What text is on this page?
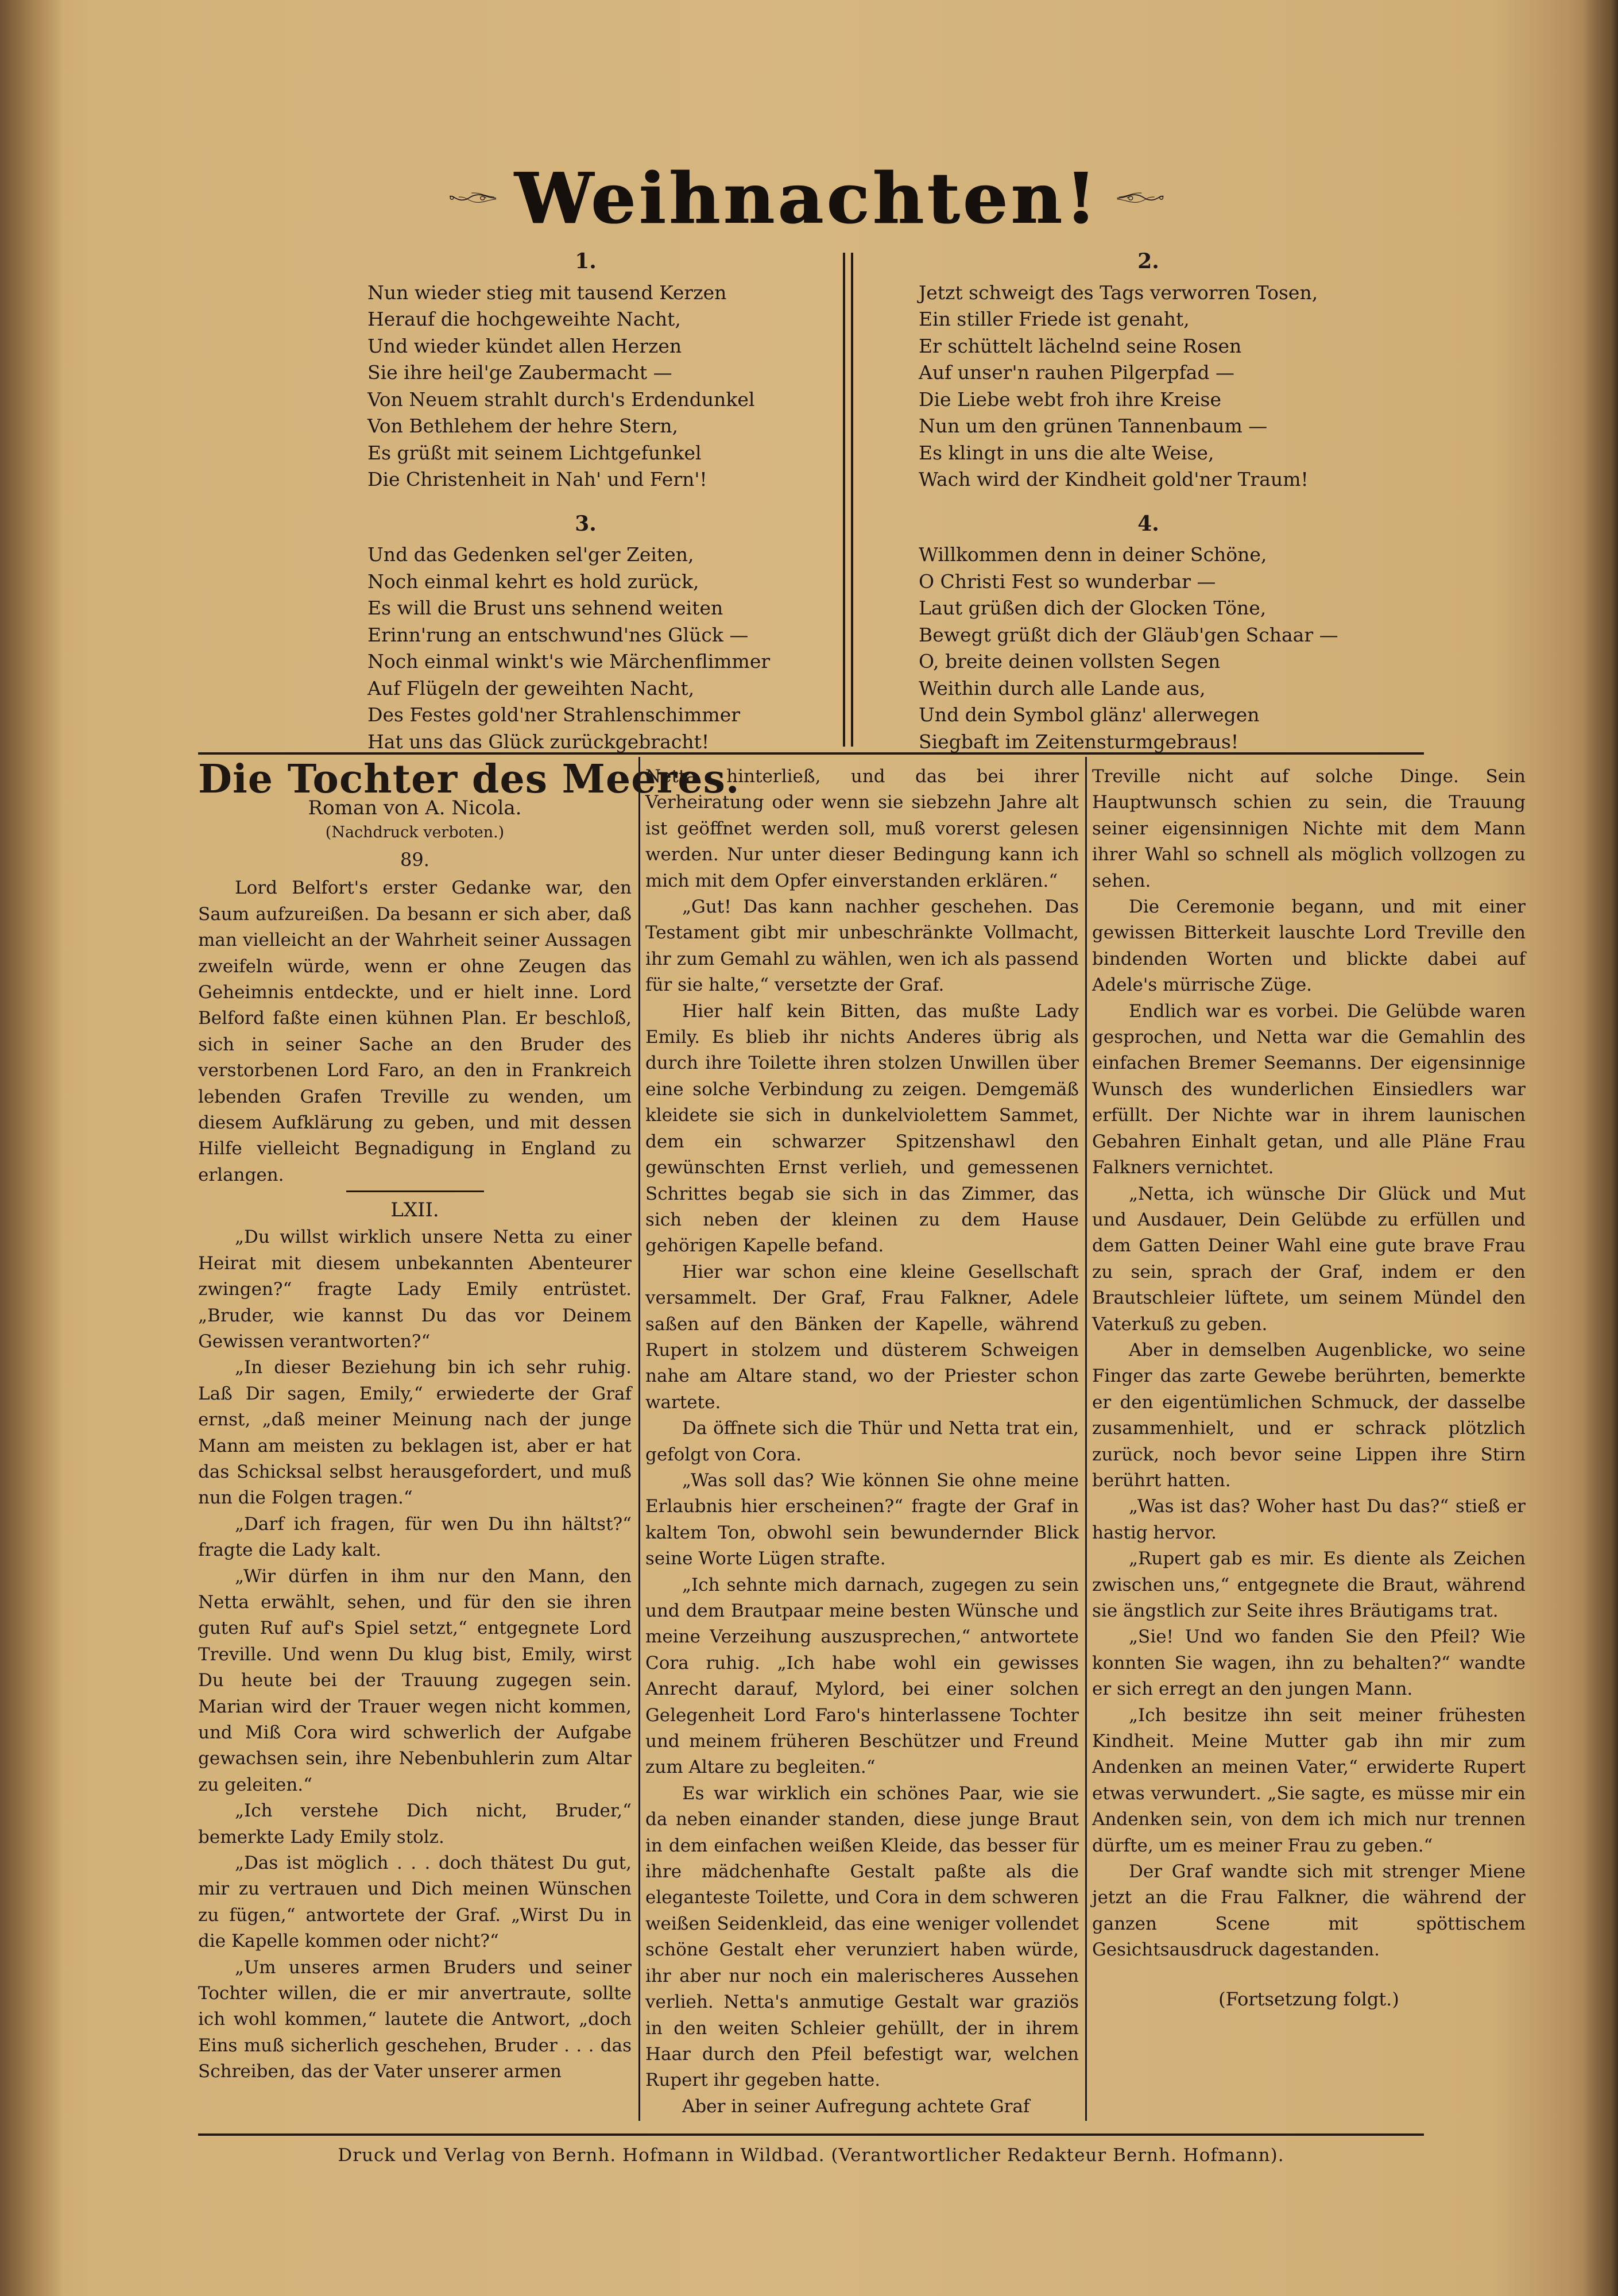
Weihnachten!
1.
Nun wieder stieg mit tausend Kerzen
Herauf die hochgeweihte Nacht,
Und wieder kündet allen Herzen
Sie ihre heil'ge Zaubermacht —
Von Neuem strahlt durch's Erdendunkel
Von Bethlehem der hehre Stern,
Es grüßt mit seinem Lichtgefunkel
Die Christenheit in Nah' und Fern'!
3.
Und das Gedenken sel'ger Zeiten,
Noch einmal kehrt es hold zurück,
Es will die Brust uns sehnend weiten
Erinn'rung an entschwund'nes Glück —
Noch einmal winkt's wie Märchenflimmer
Auf Flügeln der geweihten Nacht,
Des Festes gold'ner Strahlenschimmer
Hat uns das Glück zurückgebracht!
2.
Jetzt schweigt des Tags verworren Tosen,
Ein stiller Friede ist genaht,
Er schüttelt lächelnd seine Rosen
Auf unser'n rauhen Pilgerpfad —
Die Liebe webt froh ihre Kreise
Nun um den grünen Tannenbaum —
Es klingt in uns die alte Weise,
Wach wird der Kindheit gold'ner Traum!
4.
Willkommen denn in deiner Schöne,
O Christi Fest so wunderbar —
Laut grüßen dich der Glocken Töne,
Bewegt grüßt dich der Gläub'gen Schaar —
O, breite deinen vollsten Segen
Weithin durch alle Lande aus,
Und dein Symbol glänz' allerwegen
Siegbaft im Zeitensturmgebraus!
Die Tochter des Meeres.
Roman von A. Nicola.
(Nachdruck verboten.)
89.

Lord Belfort's erster Gedanke war, den Saum aufzureißen. Da besann er sich aber, daß man vielleicht an der Wahrheit seiner Aussagen zweifeln würde, wenn er ohne Zeugen das Geheimnis entdeckte, und er hielt inne. Lord Belford faßte einen kühnen Plan. Er beschloß, sich in seiner Sache an den Bruder des verstorbenen Lord Faro, an den in Frankreich lebenden Grafen Treville zu wenden, um diesem Aufklärung zu geben, und mit dessen Hilfe vielleicht Begnadigung in England zu erlangen.

LXII.

„Du willst wirklich unsere Netta zu einer Heirat mit diesem unbekannten Abenteurer zwingen?“ fragte Lady Emily entrüstet. „Bruder, wie kannst Du das vor Deinem Gewissen verantworten?“

„In dieser Beziehung bin ich sehr ruhig. Laß Dir sagen, Emily,“ erwiederte der Graf ernst, „daß meiner Meinung nach der junge Mann am meisten zu beklagen ist, aber er hat das Schicksal selbst herausgefordert, und muß nun die Folgen tragen.“

„Darf ich fragen, für wen Du ihn hältst?“ fragte die Lady kalt.

„Wir dürfen in ihm nur den Mann, den Netta erwählt, sehen, und für den sie ihren guten Ruf auf's Spiel setzt,“ entgegnete Lord Treville. Und wenn Du klug bist, Emily, wirst Du heute bei der Trauung zugegen sein. Marian wird der Trauer wegen nicht kommen, und Miß Cora wird schwerlich der Aufgabe gewachsen sein, ihre Nebenbuhlerin zum Altar zu geleiten.“

„Ich verstehe Dich nicht, Bruder,“ bemerkte Lady Emily stolz.

„Das ist möglich . . . doch thätest Du gut, mir zu vertrauen und Dich meinen Wünschen zu fügen,“ antwortete der Graf. „Wirst Du in die Kapelle kommen oder nicht?“

„Um unseres armen Bruders und seiner Tochter willen, die er mir anvertraute, sollte ich wohl kommen,“ lautete die Antwort, „doch Eins muß sicherlich geschehen, Bruder . . . das Schreiben, das der Vater unserer armen

Netta hinterließ, und das bei ihrer Verheiratung oder wenn sie siebzehn Jahre alt ist geöffnet werden soll, muß vorerst gelesen werden. Nur unter dieser Bedingung kann ich mich mit dem Opfer einverstanden erklären.“

„Gut! Das kann nachher geschehen. Das Testament gibt mir unbeschränkte Vollmacht, ihr zum Gemahl zu wählen, wen ich als passend für sie halte,“ versetzte der Graf.

Hier half kein Bitten, das mußte Lady Emily. Es blieb ihr nichts Anderes übrig als durch ihre Toilette ihren stolzen Unwillen über eine solche Verbindung zu zeigen. Demgemäß kleidete sie sich in dunkelviolettem Sammet, dem ein schwarzer Spitzenshawl den gewünschten Ernst verlieh, und gemessenen Schrittes begab sie sich in das Zimmer, das sich neben der kleinen zu dem Hause gehörigen Kapelle befand.

Hier war schon eine kleine Gesellschaft versammelt. Der Graf, Frau Falkner, Adele saßen auf den Bänken der Kapelle, während Rupert in stolzem und düsterem Schweigen nahe am Altare stand, wo der Priester schon wartete.

Da öffnete sich die Thür und Netta trat ein, gefolgt von Cora.

„Was soll das? Wie können Sie ohne meine Erlaubnis hier erscheinen?“ fragte der Graf in kaltem Ton, obwohl sein bewundernder Blick seine Worte Lügen strafte.

„Ich sehnte mich darnach, zugegen zu sein und dem Brautpaar meine besten Wünsche und meine Verzeihung auszusprechen,“ antwortete Cora ruhig. „Ich habe wohl ein gewisses Anrecht darauf, Mylord, bei einer solchen Gelegenheit Lord Faro's hinterlassene Tochter und meinem früheren Beschützer und Freund zum Altare zu begleiten.“

Es war wirklich ein schönes Paar, wie sie da neben einander standen, diese junge Braut in dem einfachen weißen Kleide, das besser für ihre mädchenhafte Gestalt paßte als die eleganteste Toilette, und Cora in dem schweren weißen Seidenkleid, das eine weniger vollendet schöne Gestalt eher verunziert haben würde, ihr aber nur noch ein malerischeres Aussehen verlieh. Netta's anmutige Gestalt war graziös in den weiten Schleier gehüllt, der in ihrem Haar durch den Pfeil befestigt war, welchen Rupert ihr gegeben hatte.

Aber in seiner Aufregung achtete Graf

Treville nicht auf solche Dinge. Sein Hauptwunsch schien zu sein, die Trauung seiner eigensinnigen Nichte mit dem Mann ihrer Wahl so schnell als möglich vollzogen zu sehen.

Die Ceremonie begann, und mit einer gewissen Bitterkeit lauschte Lord Treville den bindenden Worten und blickte dabei auf Adele's mürrische Züge.

Endlich war es vorbei. Die Gelübde waren gesprochen, und Netta war die Gemahlin des einfachen Bremer Seemanns. Der eigensinnige Wunsch des wunderlichen Einsiedlers war erfüllt. Der Nichte war in ihrem launischen Gebahren Einhalt getan, und alle Pläne Frau Falkners vernichtet.

„Netta, ich wünsche Dir Glück und Mut und Ausdauer, Dein Gelübde zu erfüllen und dem Gatten Deiner Wahl eine gute brave Frau zu sein, sprach der Graf, indem er den Brautschleier lüftete, um seinem Mündel den Vaterkuß zu geben.

Aber in demselben Augenblicke, wo seine Finger das zarte Gewebe berührten, bemerkte er den eigentümlichen Schmuck, der dasselbe zusammenhielt, und er schrack plötzlich zurück, noch bevor seine Lippen ihre Stirn berührt hatten.

„Was ist das? Woher hast Du das?“ stieß er hastig hervor.

„Rupert gab es mir. Es diente als Zeichen zwischen uns,“ entgegnete die Braut, während sie ängstlich zur Seite ihres Bräutigams trat.

„Sie! Und wo fanden Sie den Pfeil? Wie konnten Sie wagen, ihn zu behalten?“ wandte er sich erregt an den jungen Mann.

„Ich besitze ihn seit meiner frühesten Kindheit. Meine Mutter gab ihn mir zum Andenken an meinen Vater,“ erwiderte Rupert etwas verwundert. „Sie sagte, es müsse mir ein Andenken sein, von dem ich mich nur trennen dürfte, um es meiner Frau zu geben.“

Der Graf wandte sich mit strenger Miene jetzt an die Frau Falkner, die während der ganzen Scene mit spöttischem Gesichtsausdruck dagestanden.

(Fortsetzung folgt.)
Druck und Verlag von Bernh. Hofmann in Wildbad. (Verantwortlicher Redakteur Bernh. Hofmann).
